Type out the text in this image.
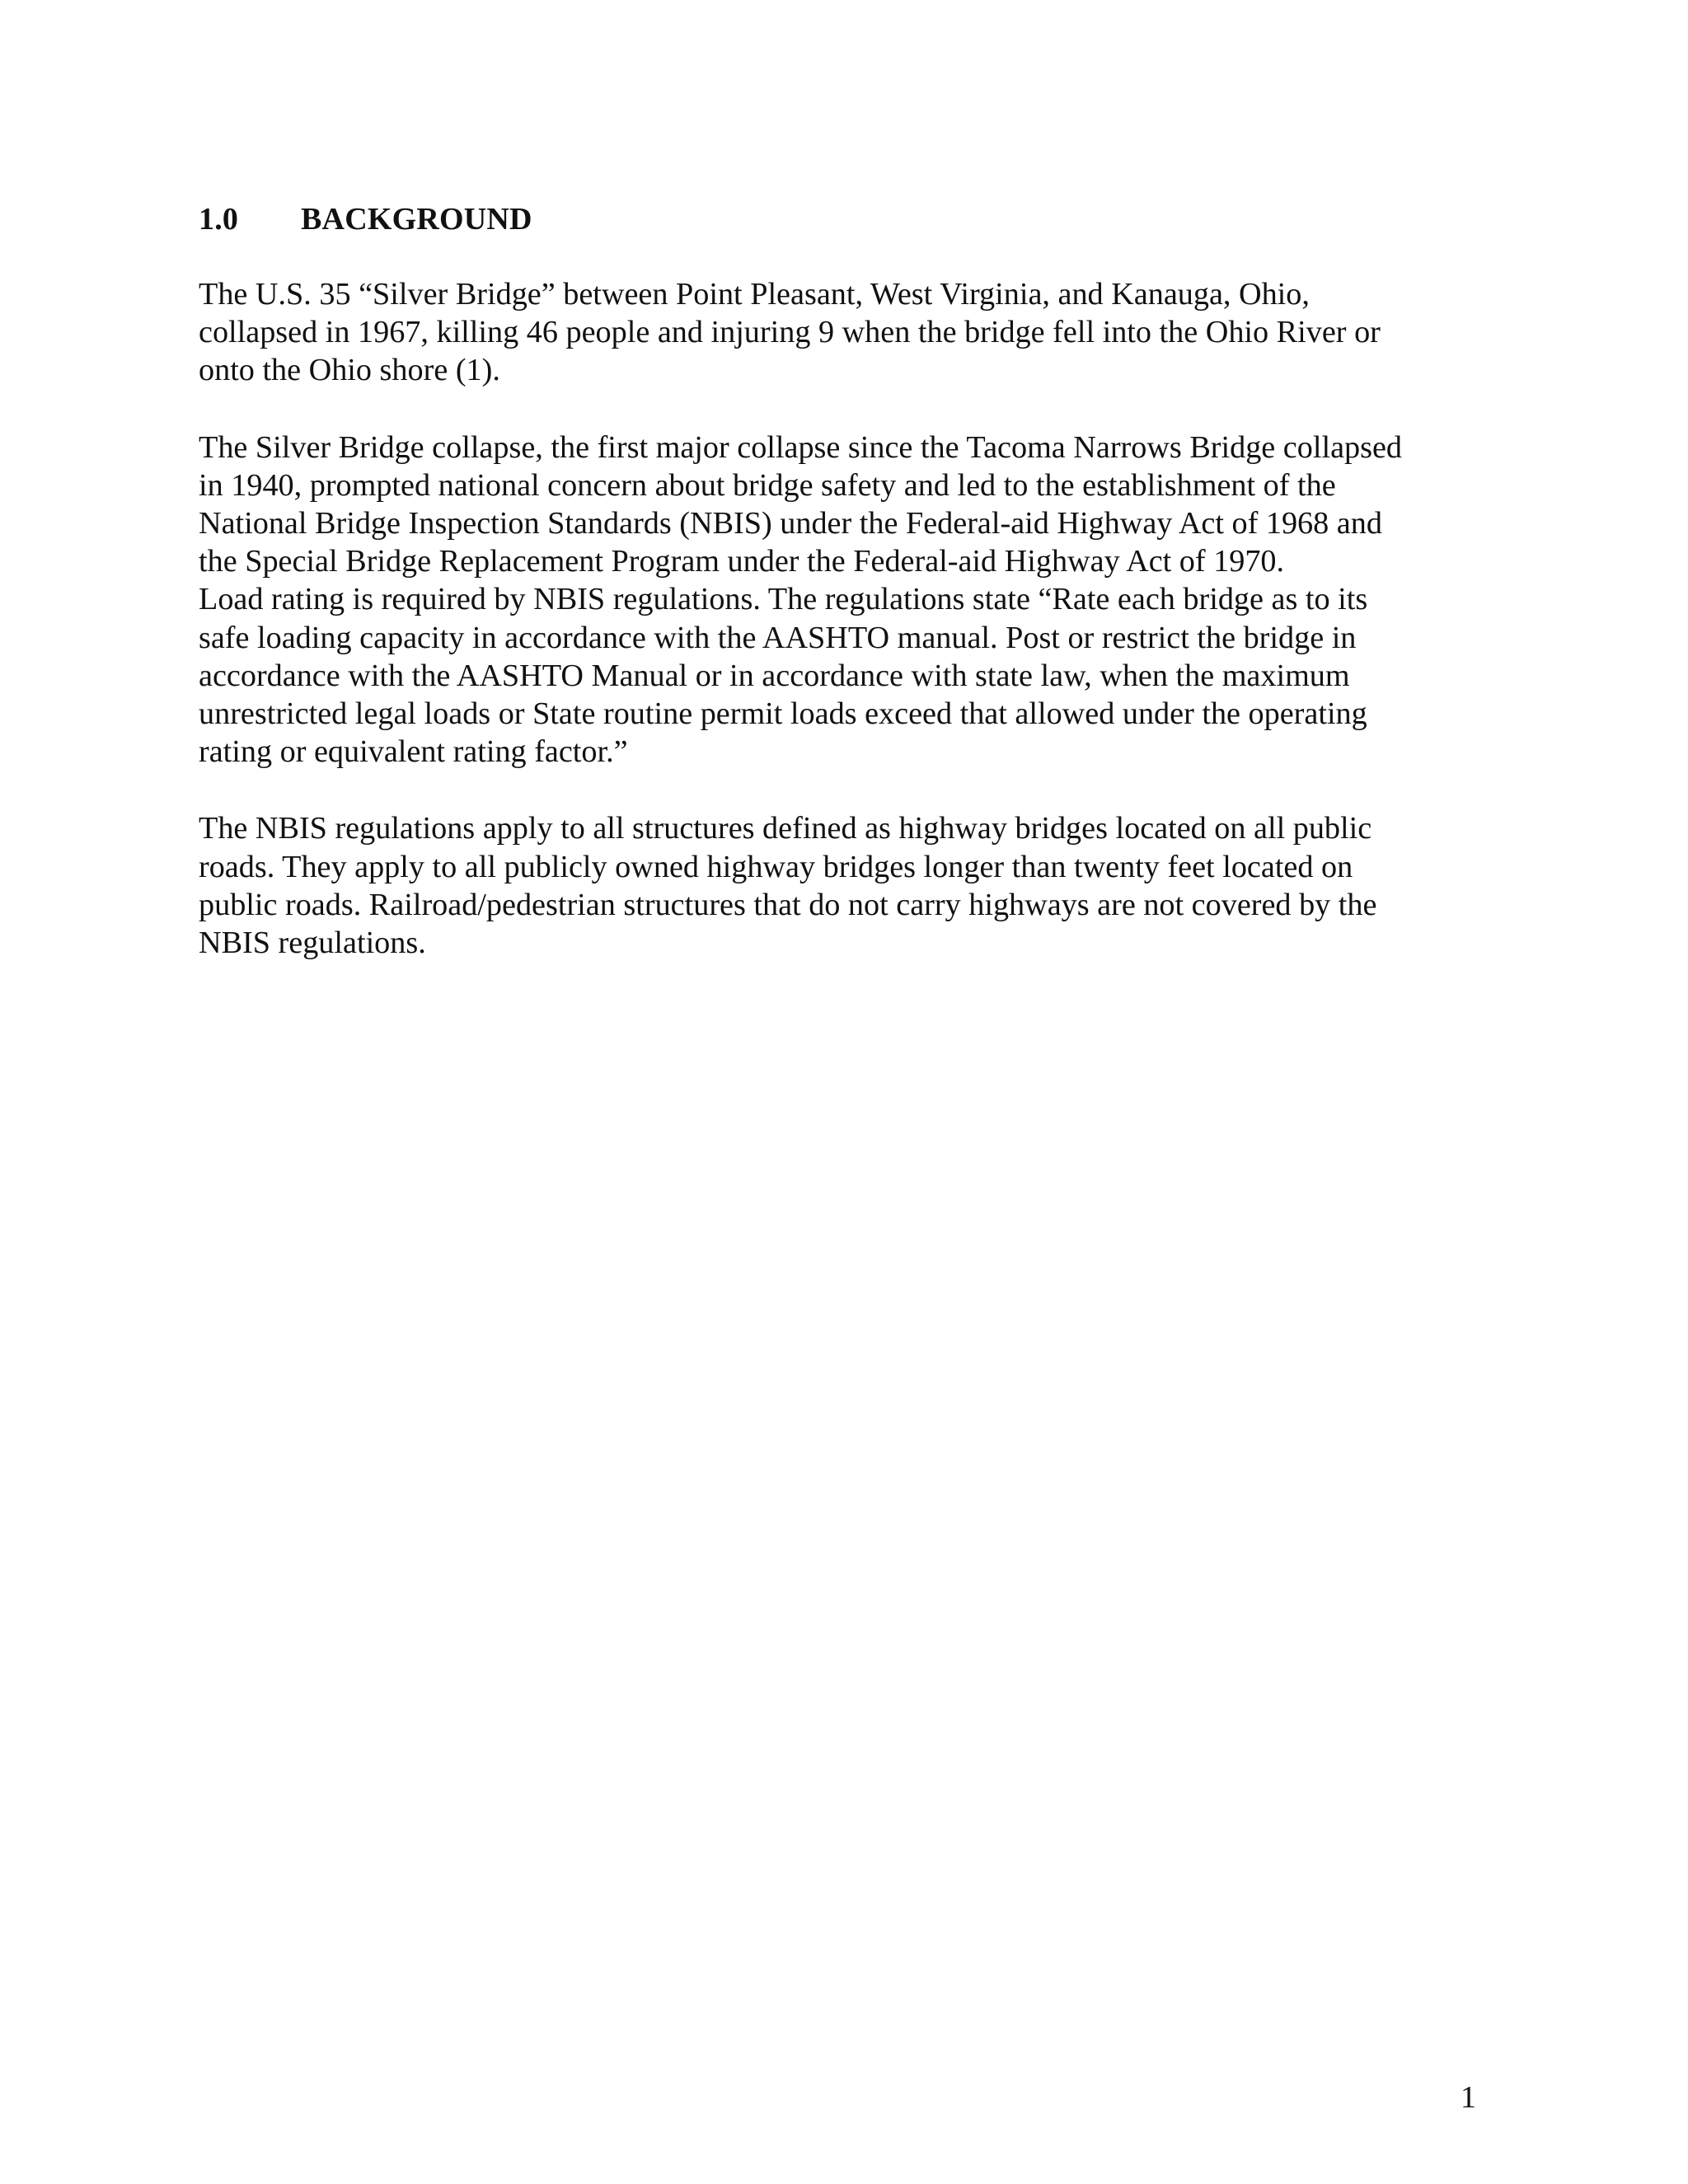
1.0 BACKGROUND

The U.S. 35 “Silver Bridge” between Point Pleasant, West Virginia, and Kanauga, Ohio,
collapsed in 1967, killing 46 people and injuring 9 when the bridge fell into the Ohio River or
onto the Ohio shore (1).

The Silver Bridge collapse, the first major collapse since the Tacoma Narrows Bridge collapsed
in 1940, prompted national concern about bridge safety and led to the establishment of the
National Bridge Inspection Standards (NBIS) under the Federal-aid Highway Act of 1968 and
the Special Bridge Replacement Program under the Federal-aid Highway Act of 1970.
Load rating is required by NBIS regulations. The regulations state “Rate each bridge as to its
safe loading capacity in accordance with the AASHTO manual. Post or restrict the bridge in
accordance with the AASHTO Manual or in accordance with state law, when the maximum
unrestricted legal loads or State routine permit loads exceed that allowed under the operating
rating or equivalent rating factor.”

The NBIS regulations apply to all structures defined as highway bridges located on all public
roads. They apply to all publicly owned highway bridges longer than twenty feet located on
public roads. Railroad/pedestrian structures that do not carry highways are not covered by the
NBIS regulations.

1
